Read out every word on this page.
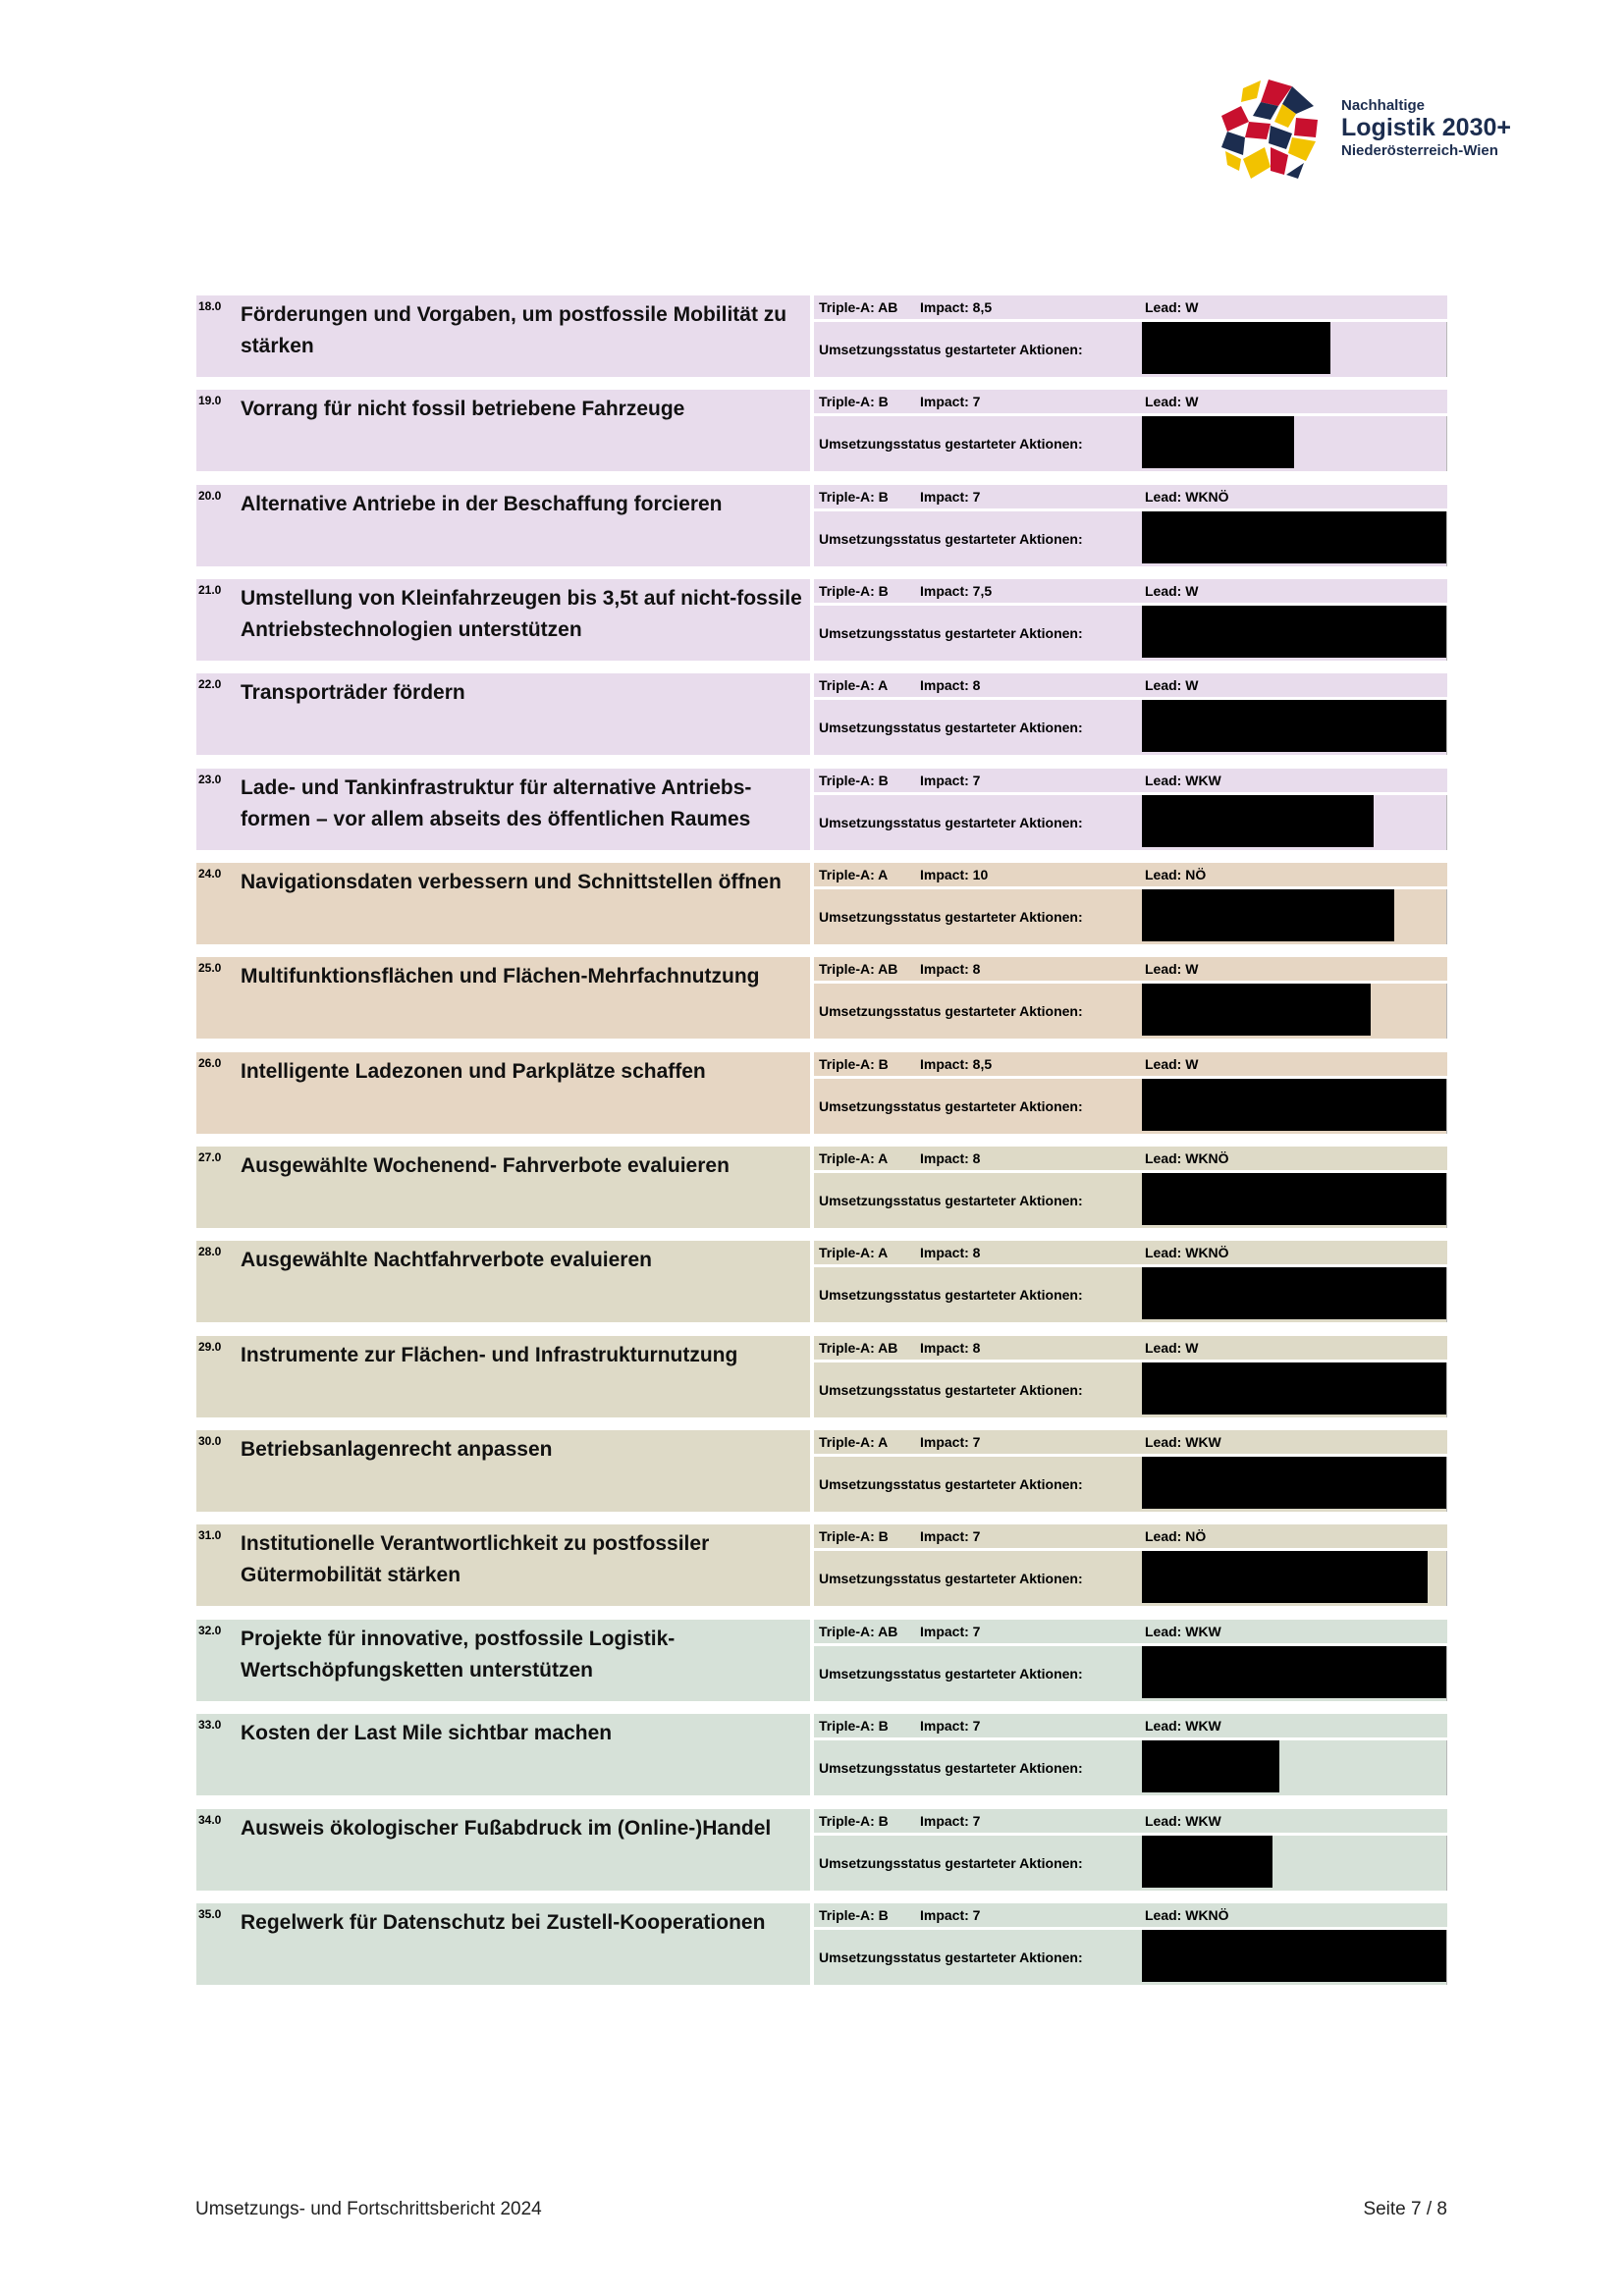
Nachhaltige
Logistik 2030+
Niederösterreich-Wien
18.0 Förderungen und Vorgaben, um postfossile Mobilität zu stärken
Triple-A: AB Impact: 8,5	Lead: W
Umsetzungsstatus gestarteter Aktionen:
19.0 Vorrang für nicht fossil betriebene Fahrzeuge	Triple-A: B Impact: 7	Lead: W
Umsetzungsstatus gestarteter Aktionen:
20.0 Alternative Antriebe in der Beschaffung forcieren	Triple-A: B Impact: 7	Lead: WKNÖ
Umsetzungsstatus gestarteter Aktionen:
21.0 Umstellung von Kleinfahrzeugen bis 3,5t auf nicht-fossile Antriebstechnologien unterstützen
Triple-A: B Impact: 7,5	Lead: W
Umsetzungsstatus gestarteter Aktionen:
22.0 Transporträder fördern	Triple-A: A Impact: 8	Lead: W
Umsetzungsstatus gestarteter Aktionen:
23.0 Lade- und Tankinfrastruktur für alternative Antriebs-formen – vor allem abseits des öffentlichen Raumes
Triple-A: B Impact: 7	Lead: WKW
Umsetzungsstatus gestarteter Aktionen:
24.0 Navigationsdaten verbessern und Schnittstellen öffnen	Triple-A: A Impact: 10	Lead: NÖ
Umsetzungsstatus gestarteter Aktionen:
25.0 Multifunktionsflächen und Flächen-Mehrfachnutzung	Triple-A: AB Impact: 8	Lead: W
Umsetzungsstatus gestarteter Aktionen:
26.0 Intelligente Ladezonen und Parkplätze schaffen	Triple-A: B Impact: 8,5	Lead: W
Umsetzungsstatus gestarteter Aktionen:
27.0 Ausgewählte Wochenend- Fahrverbote evaluieren	Triple-A: A Impact: 8	Lead: WKNÖ
Umsetzungsstatus gestarteter Aktionen:
28.0 Ausgewählte Nachtfahrverbote evaluieren	Triple-A: A Impact: 8	Lead: WKNÖ
Umsetzungsstatus gestarteter Aktionen:
29.0 Instrumente zur Flächen- und Infrastrukturnutzung	Triple-A: AB Impact: 8	Lead: W
Umsetzungsstatus gestarteter Aktionen:
30.0 Betriebsanlagenrecht anpassen	Triple-A: A Impact: 7	Lead: WKW
Umsetzungsstatus gestarteter Aktionen:
31.0 Institutionelle Verantwortlichkeit zu postfossiler Gütermobilität stärken
Triple-A: B Impact: 7	Lead: NÖ
Umsetzungsstatus gestarteter Aktionen:
32.0 Projekte für innovative, postfossile Logistik-Wertschöpfungsketten unterstützen
Triple-A: AB Impact: 7	Lead: WKW
Umsetzungsstatus gestarteter Aktionen:
33.0 Kosten der Last Mile sichtbar machen	Triple-A: B Impact: 7	Lead: WKW
Umsetzungsstatus gestarteter Aktionen:
34.0 Ausweis ökologischer Fußabdruck im (Online-)Handel	Triple-A: B Impact: 7	Lead: WKW
Umsetzungsstatus gestarteter Aktionen:
35.0 Regelwerk für Datenschutz bei Zustell-Kooperationen	Triple-A: B Impact: 7	Lead: WKNÖ
Umsetzungsstatus gestarteter Aktionen:
Umsetzungs- und Fortschrittsbericht 2024	Seite 7 / 8
